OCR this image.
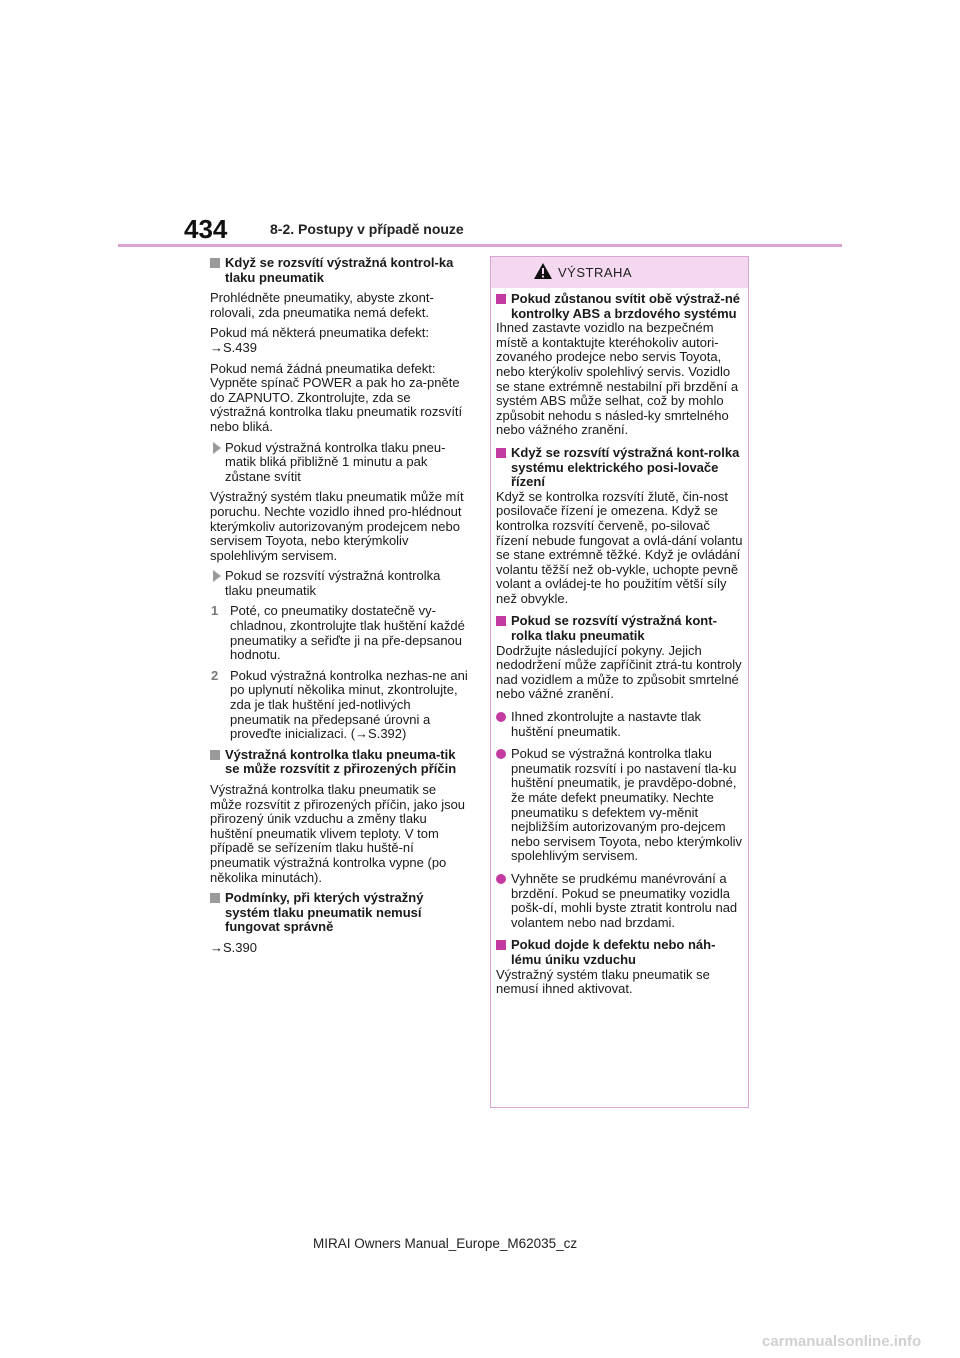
434	8-2. Postupy v případě nouze
Když se rozsvítí výstražná kontrol-ka tlaku pneumatik

Prohlédněte pneumatiky, abyste zkont-rolovali, zda pneumatika nemá defekt.

Pokud má některá pneumatika defekt: →S.439

Pokud nemá žádná pneumatika defekt: Vypněte spínač POWER a pak ho za-pněte do ZAPNUTO. Zkontrolujte, zda se výstražná kontrolka tlaku pneumatik rozsvítí nebo bliká.

Pokud výstražná kontrolka tlaku pneu-matik bliká přibližně 1 minutu a pak zůstane svítit

Výstražný systém tlaku pneumatik může mít poruchu. Nechte vozidlo ihned pro-hlédnout kterýmkoliv autorizovaným prodejcem nebo servisem Toyota, nebo kterýmkoliv spolehlivým servisem.

Pokud se rozsvítí výstražná kontrolka tlaku pneumatik
1 Poté, co pneumatiky dostatečně vy-chladnou, zkontrolujte tlak huštění každé pneumatiky a seřiďte ji na pře-depsanou hodnotu.
2 Pokud výstražná kontrolka nezhas-ne ani po uplynutí několika minut, zkontrolujte, zda je tlak huštění jed-notlivých pneumatik na předepsané úrovni a proveďte inicializaci. (→S.392)
Výstražná kontrolka tlaku pneuma-tik se může rozsvítit z přirozených příčin

Výstražná kontrolka tlaku pneumatik se může rozsvítit z přirozených příčin, jako jsou přirozený únik vzduchu a změny tlaku huštění pneumatik vlivem teploty. V tom případě se seřízením tlaku huště-ní pneumatik výstražná kontrolka vypne (po několika minutách).

Podmínky, při kterých výstražný systém tlaku pneumatik nemusí fungovat správně

→S.390

VÝSTRAHA
Pokud zůstanou svítit obě výstraž-né kontrolky ABS a brzdového systému
Ihned zastavte vozidlo na bezpečném místě a kontaktujte kteréhokoliv autori-zovaného prodejce nebo servis Toyota, nebo kterýkoliv spolehlivý servis. Vozidlo se stane extrémně nestabilní při brzdění a systém ABS může selhat, což by mohlo způsobit nehodu s násled-ky smrtelného nebo vážného zranění.
Když se rozsvítí výstražná kont-rolka systému elektrického posi-lovače řízení
Když se kontrolka rozsvítí žlutě, čin-nost posilovače řízení je omezena. Když se kontrolka rozsvítí červeně, po-silovač řízení nebude fungovat a ovlá-dání volantu se stane extrémně těžké. Když je ovládání volantu těžší než ob-vykle, uchopte pevně volant a ovládej-te ho použitím větší síly než obvykle.
Pokud se rozsvítí výstražná kont-rolka tlaku pneumatik
Dodržujte následující pokyny. Jejich nedodržení může zapříčinit ztrá-tu kontroly nad vozidlem a může to způsobit smrtelné nebo vážné zranění.
Ihned zkontrolujte a nastavte tlak huštění pneumatik.
Pokud se výstražná kontrolka tlaku pneumatik rozsvítí i po nastavení tla-ku huštění pneumatik, je pravděpo-dobné, že máte defekt pneumatiky. Nechte pneumatiku s defektem vy-měnit nejbližším autorizovaným pro-dejcem nebo servisem Toyota, nebo kterýmkoliv spolehlivým servisem.
Vyhněte se prudkému manévrování a brzdění. Pokud se pneumatiky vozidla pošk-dí, mohli byste ztratit kontrolu nad volantem nebo nad brzdami.
Pokud dojde k defektu nebo náh-lému úniku vzduchu
Výstražný systém tlaku pneumatik se nemusí ihned aktivovat.
MIRAI Owners Manual_Europe_M62035_cz
carmanualsonline.info
